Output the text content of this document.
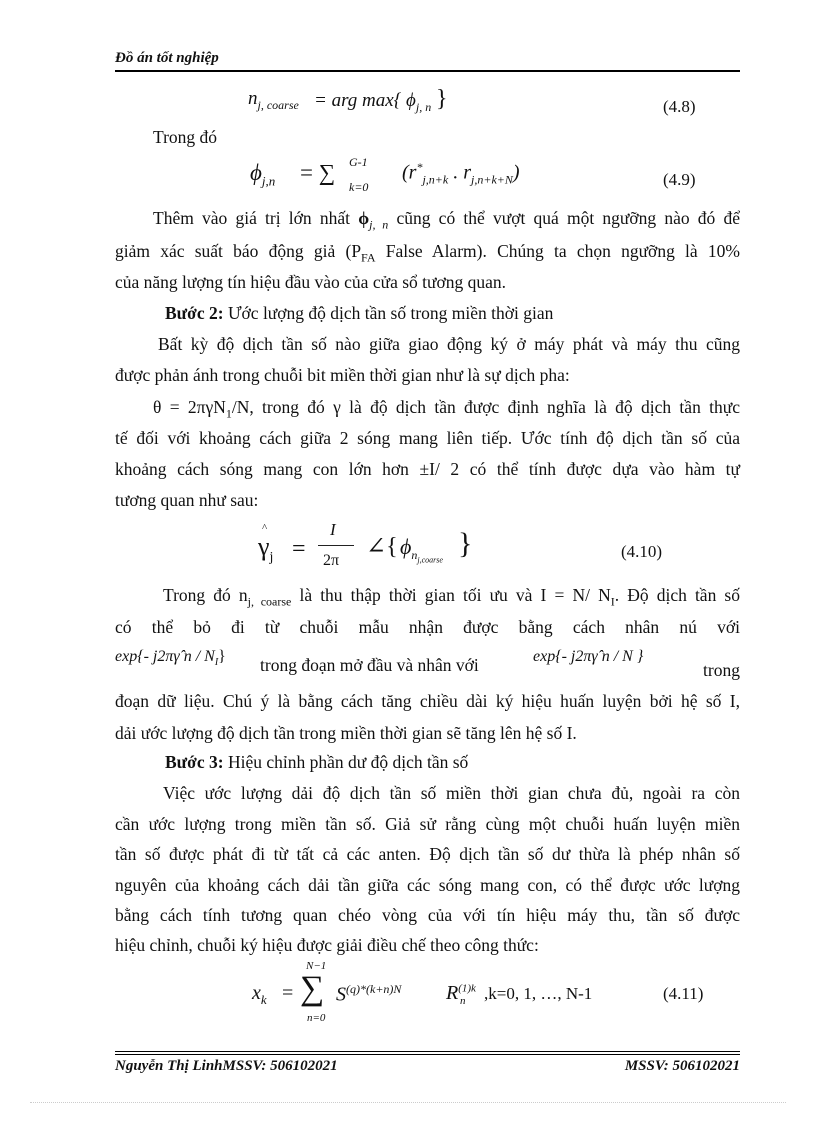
Đồ án tốt nghiệp
$n_{j, coarse}$ = arg max{ $\phi_{j, n}$ }	(4.8)
Trong đó
$\phi_{j,n}$ = ∑ G-1
k=0
($r^*_{j,n+k}$ . $r_{j,n+k+N}$)	(4.9)
Thêm vào giá trị lớn nhất $\phi_{j, n}$ cũng có thể vượt quá một ngưỡng nào đó để
giảm xác suất báo động giả ($P_{FA}$ False Alarm). Chúng ta chọn ngưỡng là 10%
của năng lượng tín hiệu đầu vào của cửa sổ tương quan.
Bước 2: Ước lượng độ dịch tần số trong miền thời gian
Bất kỳ độ dịch tần số nào giữa giao động ký ở máy phát và máy thu cũng
được phản ánh trong chuỗi bit miền thời gian như là sự dịch pha:
θ = 2πγN$_1$/N, trong đó γ là độ dịch tần được định nghĩa là độ dịch tần thực
tế đối với khoảng cách giữa 2 sóng mang liên tiếp. Ước tính độ dịch tần số của
khoảng cách sóng mang con lớn hơn ±I/ 2 có thể tính được dựa vào hàm tự
tương quan như sau:
^
$\gamma_j$ =
I
2π
∠{ $\phi_{n_{j,coarse}}$
}	(4.10)
Trong đó $n_{j, coarse}$ là thu thập thời gian tối ưu và I = N/ $N_I$. Độ dịch tần số
có thể bỏ đi từ chuỗi mẫu nhận được bằng cách nhân nú với
exp{- j2πγ̂ n / $N_I$} trong đoạn mở đầu và nhân với	exp{- j2πγ̂ n / N }
trong
đoạn dữ liệu. Chú ý là bằng cách tăng chiều dài ký hiệu huấn luyện bởi hệ số I,
dải ước lượng độ dịch tần trong miền thời gian sẽ tăng lên hệ số I.
Bước 3: Hiệu chỉnh phần dư độ dịch tần số
Việc ước lượng dải độ dịch tần số miền thời gian chưa đủ, ngoài ra còn
cần ước lượng trong miền tần số. Giả sử rằng cùng một chuỗi huấn luyện miền
tần số được phát đi từ tất cả các anten. Độ dịch tần số dư thừa là phép nhân số
nguyên của khoảng cách dải tần giữa các sóng mang con, có thể được ước lượng
bằng cách tính tương quan chéo vòng của với tín hiệu máy thu, tần số được
hiệu chỉnh, chuỗi ký hiệu được giải điều chế theo công thức:
$x_k$ =
N−1
∑
n=0
$S^{(q)*(k+n)N}$ $R^{(1)k}_n$ ,k=0, 1, …, N-1	(4.11)
Nguyễn Thị LinhMSSV: 506102021	MSSV: 506102021
